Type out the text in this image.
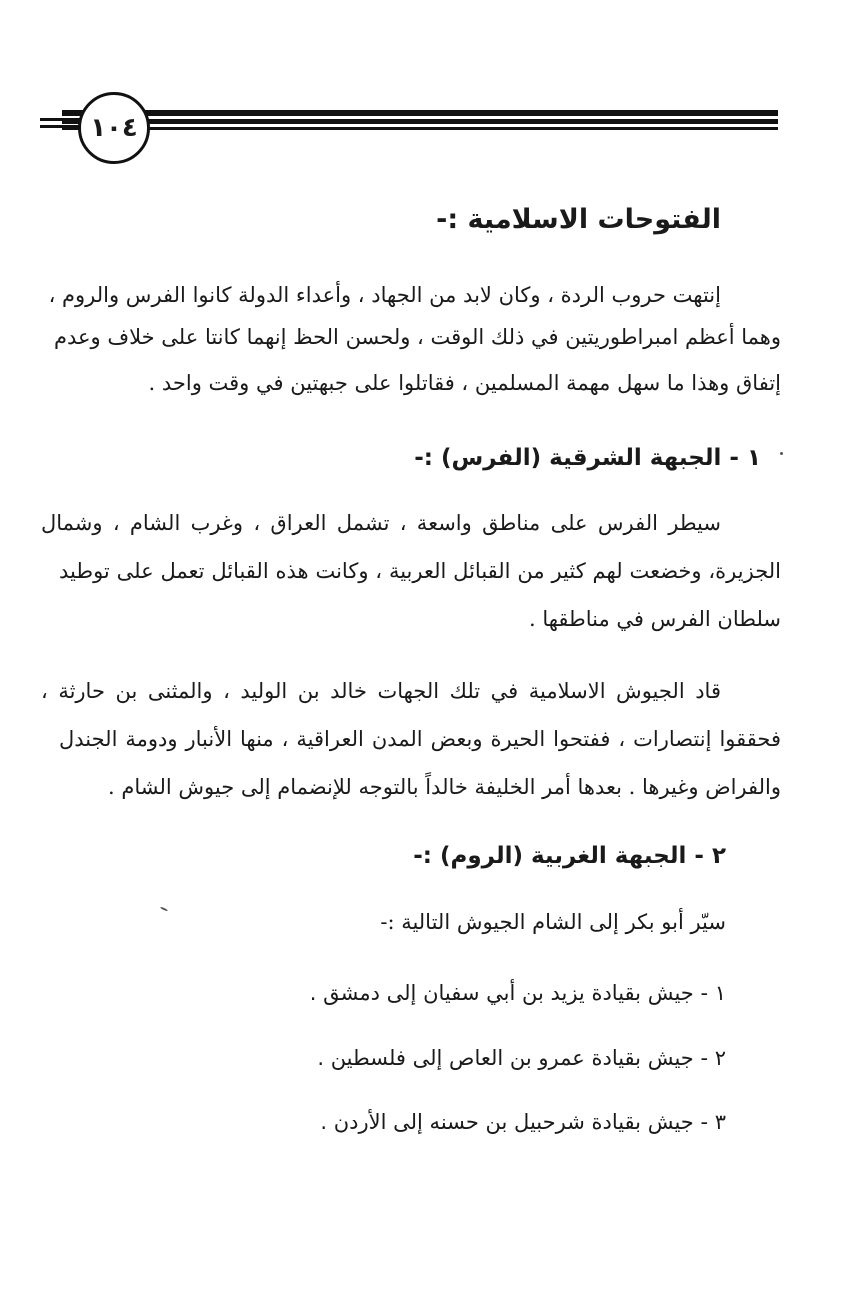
١٠٤
الفتوحات الاسلامية :-
إنتهت حروب الردة ، وكان لابد من الجهاد ، وأعداء الدولة كانوا الفرس والروم ،
وهما أعظم امبراطوريتين في ذلك الوقت ، ولحسن الحظ إنهما كانتا على خلاف وعدم
إتفاق وهذا ما سهل مهمة المسلمين ، فقاتلوا على جبهتين في وقت واحد .
١ - الجبهة الشرقية (الفرس) :-
سيطر الفرس على مناطق واسعة ، تشمل العراق ، وغرب الشام ، وشمال
الجزيرة، وخضعت لهم كثير من القبائل العربية ، وكانت هذه القبائل تعمل على توطيد
سلطان الفرس في مناطقها .
قاد الجيوش الاسلامية في تلك الجهات خالد بن الوليد ، والمثنى بن حارثة ،
فحققوا إنتصارات ، ففتحوا الحيرة وبعض المدن العراقية ، منها الأنبار ودومة الجندل
والفراض وغيرها . بعدها أمر الخليفة خالداً بالتوجه للإنضمام إلى جيوش الشام .
٢ - الجبهة الغربية (الروم) :-
سيّر أبو بكر إلى الشام الجيوش التالية :-
١ - جيش بقيادة يزيد بن أبي سفيان إلى دمشق .
٢ - جيش بقيادة عمرو بن العاص إلى فلسطين .
٣ - جيش بقيادة شرحبيل بن حسنه إلى الأردن .
